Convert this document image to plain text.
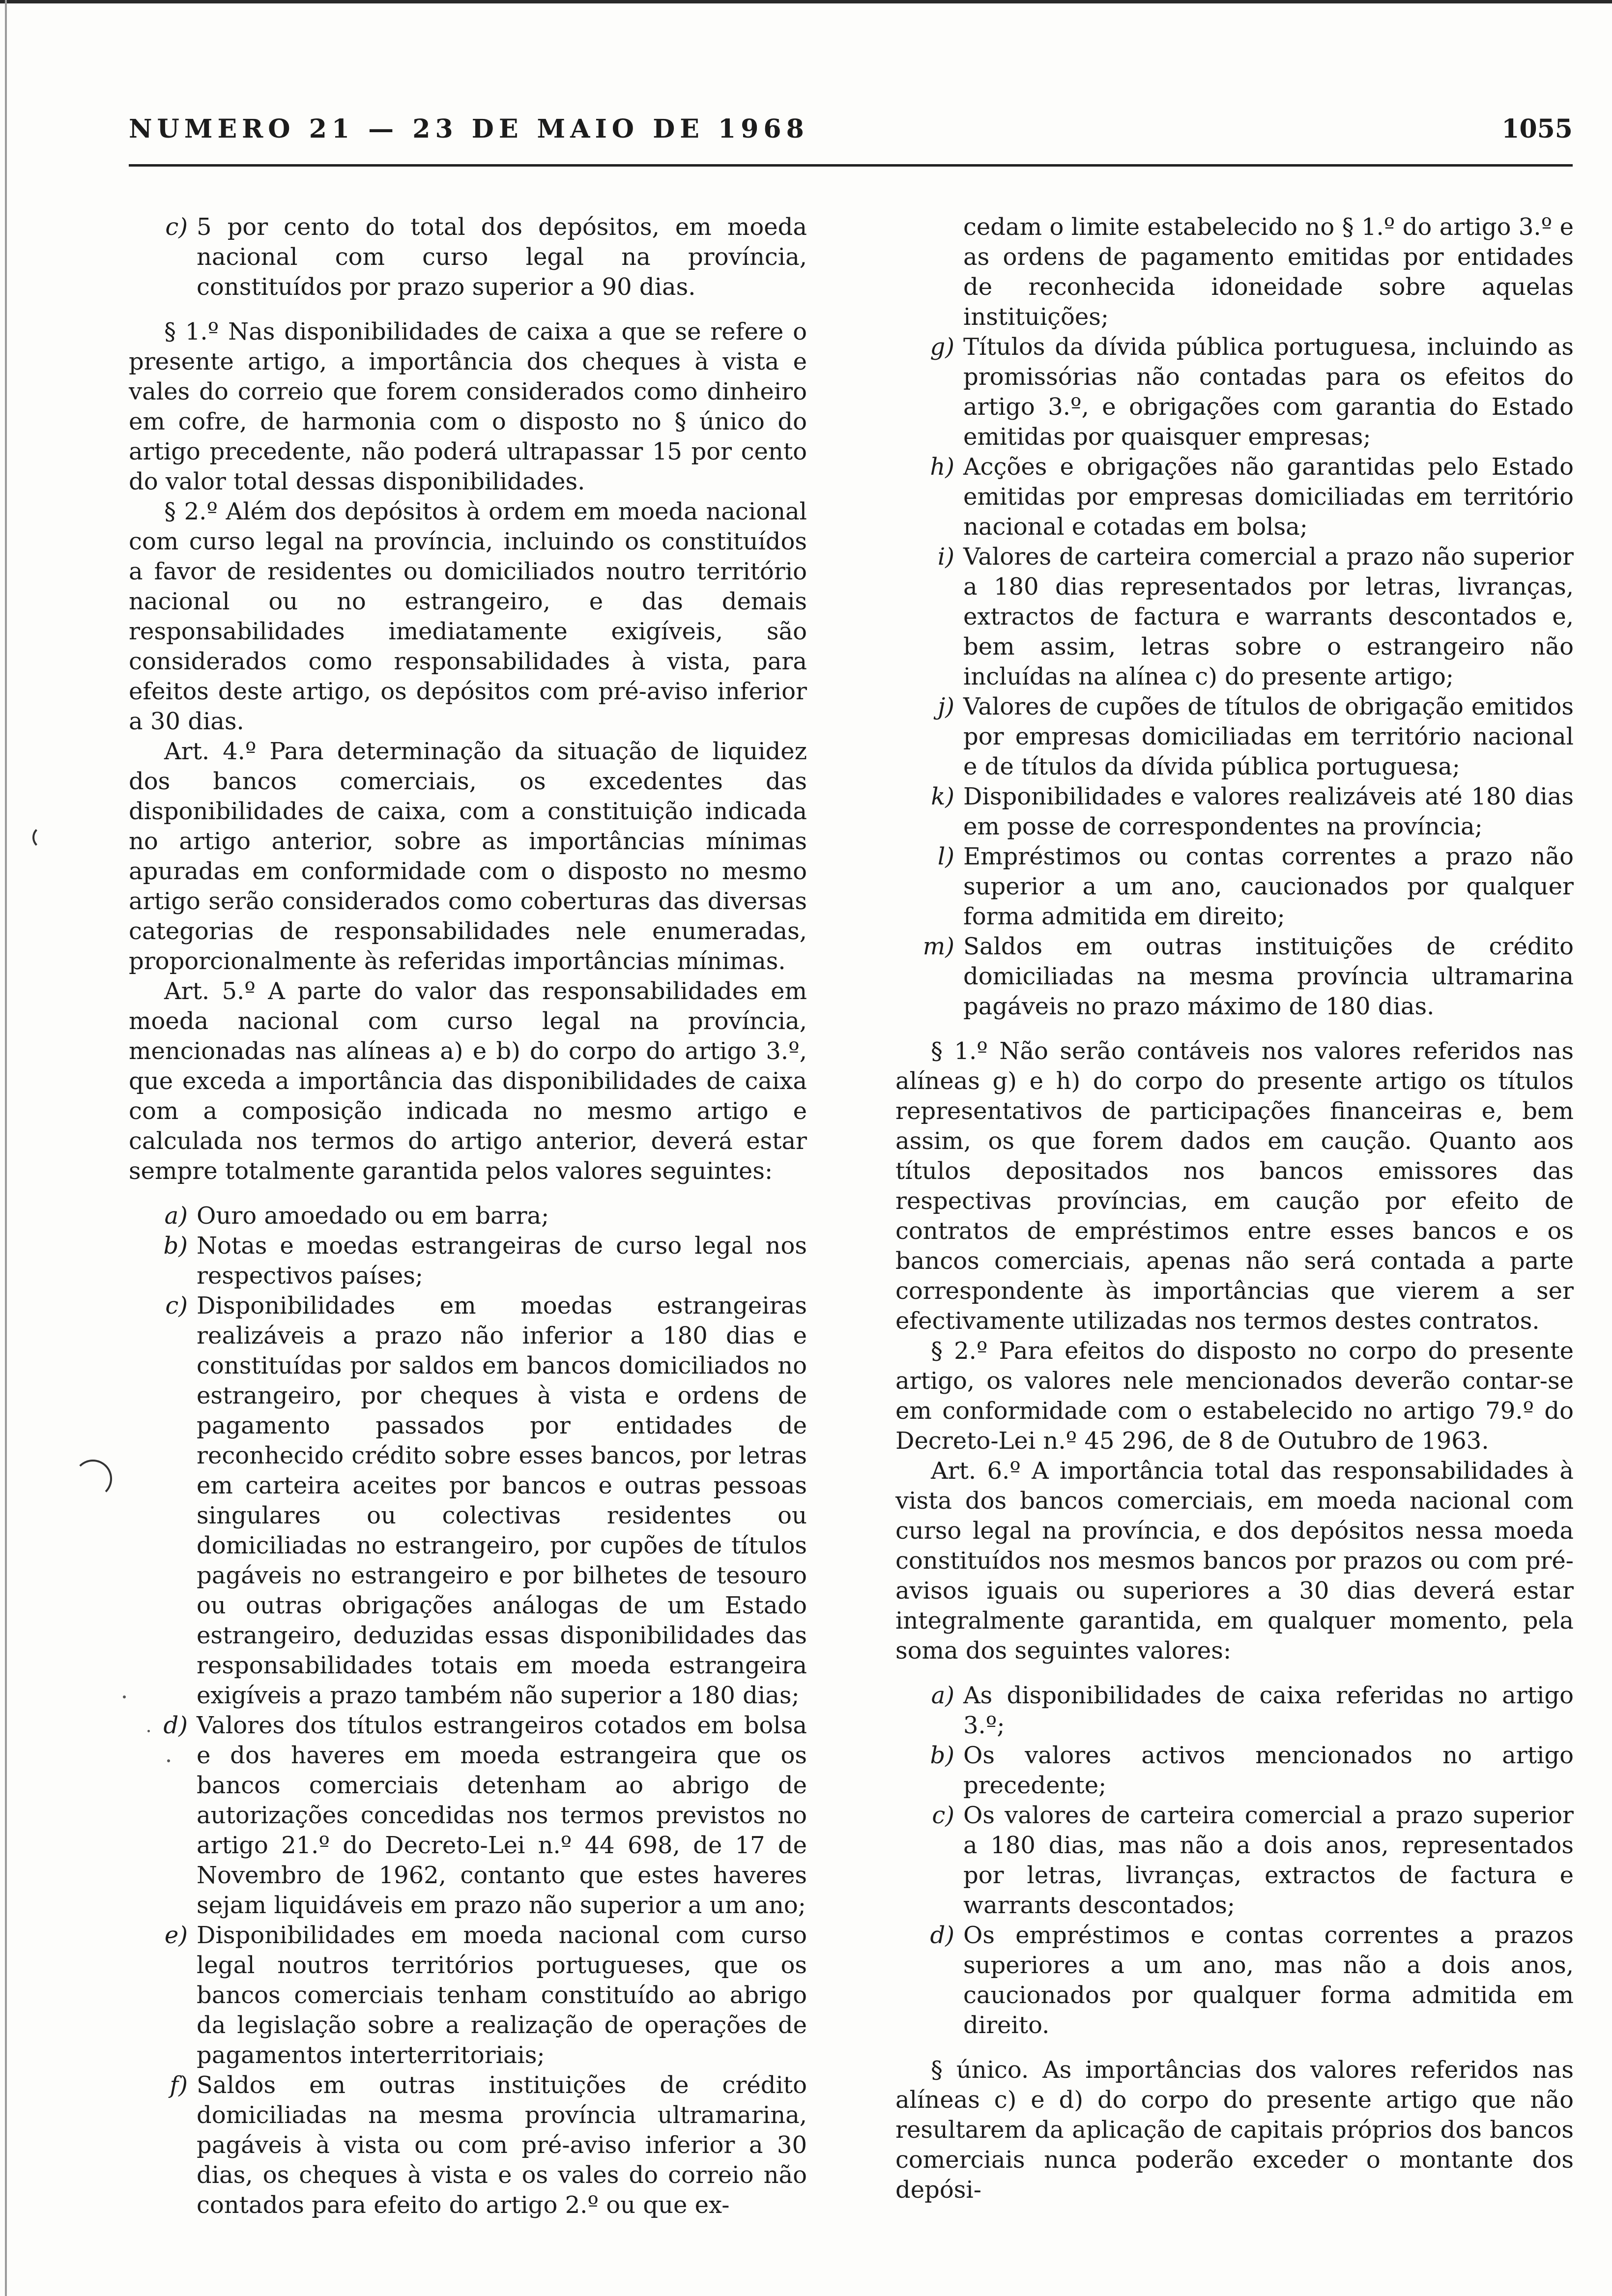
NUMERO 21 — 23 DE MAIO DE 1968	1055
c) 5 por cento do total dos depósitos, em moeda nacional com curso legal na província, constituídos por prazo superior a 90 dias.

§ 1.º Nas disponibilidades de caixa a que se refere o presente artigo, a importância dos cheques à vista e vales do correio que forem considerados como dinheiro em cofre, de harmonia com o disposto no § único do artigo precedente, não poderá ultrapassar 15 por cento do valor total dessas disponibilidades.

§ 2.º Além dos depósitos à ordem em moeda nacional com curso legal na província, incluindo os constituídos a favor de residentes ou domiciliados noutro território nacional ou no estrangeiro, e das demais responsabilidades imediatamente exigíveis, são considerados como responsabilidades à vista, para efeitos deste artigo, os depósitos com pré-aviso inferior a 30 dias.

Art. 4.º Para determinação da situação de liquidez dos bancos comerciais, os excedentes das disponibilidades de caixa, com a constituição indicada no artigo anterior, sobre as importâncias mínimas apuradas em conformidade com o disposto no mesmo artigo serão considerados como coberturas das diversas categorias de responsabilidades nele enumeradas, proporcionalmente às referidas importâncias mínimas.

Art. 5.º A parte do valor das responsabilidades em moeda nacional com curso legal na província, mencionadas nas alíneas a) e b) do corpo do artigo 3.º, que exceda a importância das disponibilidades de caixa com a composição indicada no mesmo artigo e calculada nos termos do artigo anterior, deverá estar sempre totalmente garantida pelos valores seguintes:

a) Ouro amoedado ou em barra;
b) Notas e moedas estrangeiras de curso legal nos respectivos países;
c) Disponibilidades em moedas estrangeiras realizáveis a prazo não inferior a 180 dias e constituídas por saldos em bancos domiciliados no estrangeiro, por cheques à vista e ordens de pagamento passados por entidades de reconhecido crédito sobre esses bancos, por letras em carteira aceites por bancos e outras pessoas singulares ou colectivas residentes ou domiciliadas no estrangeiro, por cupões de títulos pagáveis no estrangeiro e por bilhetes de tesouro ou outras obrigações análogas de um Estado estrangeiro, deduzidas essas disponibilidades das responsabilidades totais em moeda estrangeira exigíveis a prazo também não superior a 180 dias;
d) Valores dos títulos estrangeiros cotados em bolsa e dos haveres em moeda estrangeira que os bancos comerciais detenham ao abrigo de autorizações concedidas nos termos previstos no artigo 21.º do Decreto-Lei n.º 44 698, de 17 de Novembro de 1962, contanto que estes haveres sejam liquidáveis em prazo não superior a um ano;
e) Disponibilidades em moeda nacional com curso legal noutros territórios portugueses, que os bancos comerciais tenham constituído ao abrigo da legislação sobre a realização de operações de pagamentos interterritoriais;
f) Saldos em outras instituições de crédito domiciliadas na mesma província ultramarina, pagáveis à vista ou com pré-aviso inferior a 30 dias, os cheques à vista e os vales do correio não contados para efeito do artigo 2.º ou que ex-
cedam o limite estabelecido no § 1.º do artigo 3.º e as ordens de pagamento emitidas por entidades de reconhecida idoneidade sobre aquelas instituições;
g) Títulos da dívida pública portuguesa, incluindo as promissórias não contadas para os efeitos do artigo 3.º, e obrigações com garantia do Estado emitidas por quaisquer empresas;
h) Acções e obrigações não garantidas pelo Estado emitidas por empresas domiciliadas em território nacional e cotadas em bolsa;
i) Valores de carteira comercial a prazo não superior a 180 dias representados por letras, livranças, extractos de factura e warrants descontados e, bem assim, letras sobre o estrangeiro não incluídas na alínea c) do presente artigo;
j) Valores de cupões de títulos de obrigação emitidos por empresas domiciliadas em território nacional e de títulos da dívida pública portuguesa;
k) Disponibilidades e valores realizáveis até 180 dias em posse de correspondentes na província;
l) Empréstimos ou contas correntes a prazo não superior a um ano, caucionados por qualquer forma admitida em direito;
m) Saldos em outras instituições de crédito domiciliadas na mesma província ultramarina pagáveis no prazo máximo de 180 dias.

§ 1.º Não serão contáveis nos valores referidos nas alíneas g) e h) do corpo do presente artigo os títulos representativos de participações financeiras e, bem assim, os que forem dados em caução. Quanto aos títulos depositados nos bancos emissores das respectivas províncias, em caução por efeito de contratos de empréstimos entre esses bancos e os bancos comerciais, apenas não será contada a parte correspondente às importâncias que vierem a ser efectivamente utilizadas nos termos destes contratos.

§ 2.º Para efeitos do disposto no corpo do presente artigo, os valores nele mencionados deverão contar-se em conformidade com o estabelecido no artigo 79.º do Decreto-Lei n.º 45 296, de 8 de Outubro de 1963.

Art. 6.º A importância total das responsabilidades à vista dos bancos comerciais, em moeda nacional com curso legal na província, e dos depósitos nessa moeda constituídos nos mesmos bancos por prazos ou com pré-avisos iguais ou superiores a 30 dias deverá estar integralmente garantida, em qualquer momento, pela soma dos seguintes valores:

a) As disponibilidades de caixa referidas no artigo 3.º;
b) Os valores activos mencionados no artigo precedente;
c) Os valores de carteira comercial a prazo superior a 180 dias, mas não a dois anos, representados por letras, livranças, extractos de factura e warrants descontados;
d) Os empréstimos e contas correntes a prazos superiores a um ano, mas não a dois anos, caucionados por qualquer forma admitida em direito.

§ único. As importâncias dos valores referidos nas alíneas c) e d) do corpo do presente artigo que não resultarem da aplicação de capitais próprios dos bancos comerciais nunca poderão exceder o montante dos depósi-
